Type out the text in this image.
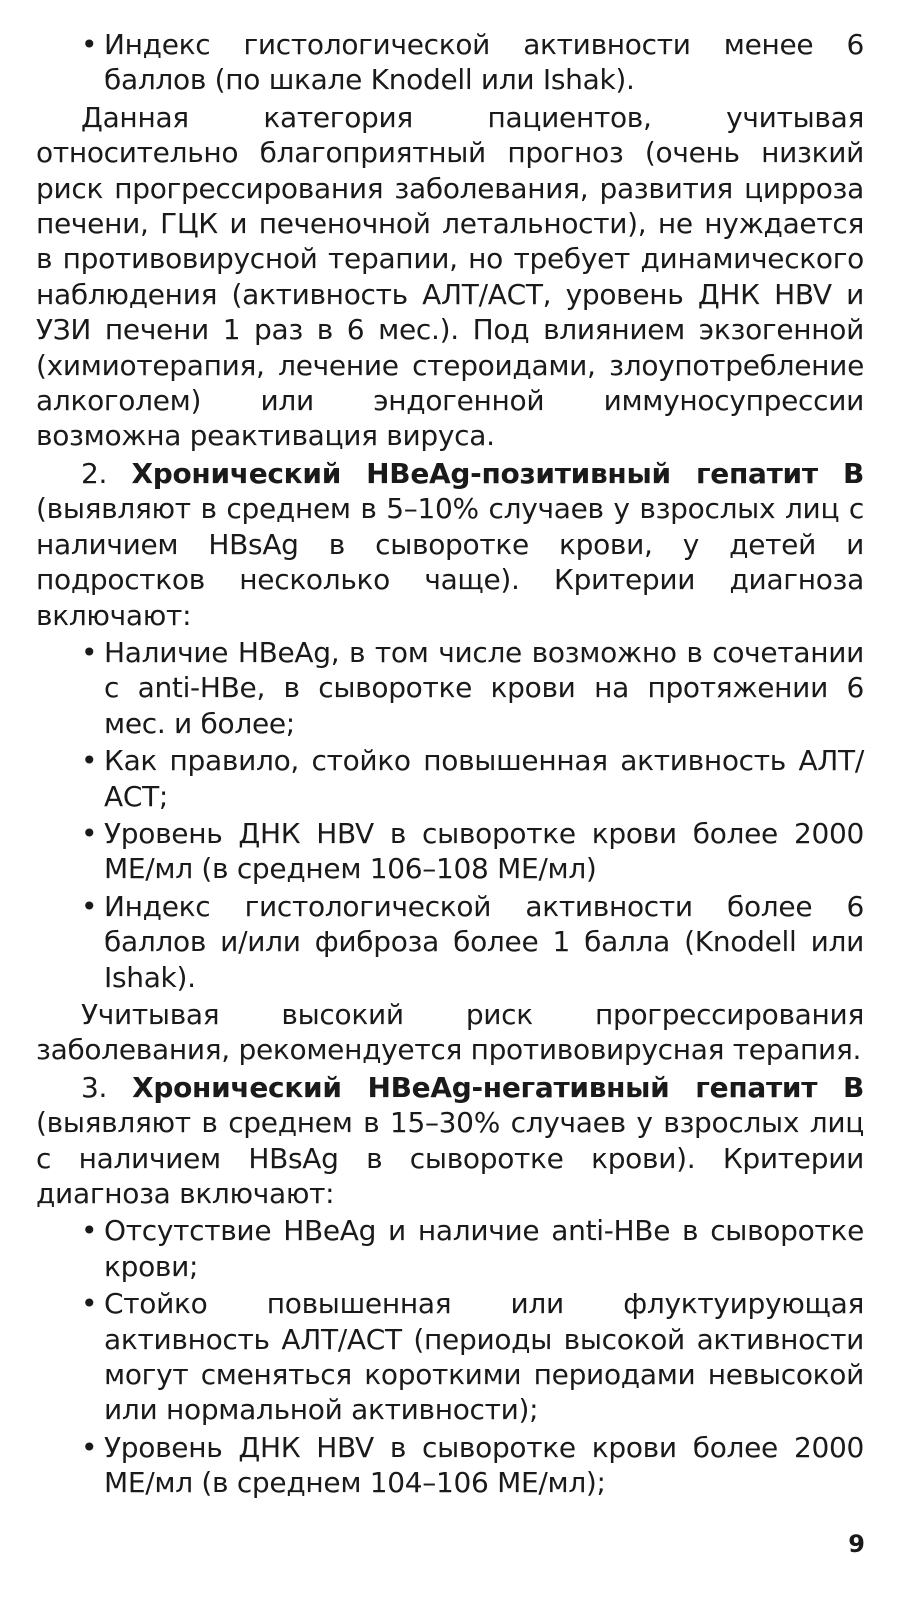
• Индекс гистологической активности менее 6 баллов (по шкале Knodell или Ishak).

Данная категория пациентов, учитывая относительно благоприятный прогноз (очень низкий риск прогрессирования заболевания, развития цирроза печени, ГЦК и печеночной летальности), не нуждается в противовирусной терапии, но требует динамического наблюдения (активность АЛТ/АСТ, уровень ДНК HBV и УЗИ печени 1 раз в 6 мес.). Под влиянием экзогенной (химиотерапия, лечение стероидами, злоупотребление алкоголем) или эндогенной иммуносупрессии возможна реактивация вируса.

2. Хронический HBeAg-позитивный гепатит B (выявляют в среднем в 5–10% случаев у взрослых лиц с наличием HBsAg в сыворотке крови, у детей и подростков несколько чаще). Критерии диагноза включают:

• Наличие HBeAg, в том числе возможно в сочетании с anti-HBe, в сыворотке крови на протяжении 6 мес. и более;

• Как правило, стойко повышенная активность АЛТ/АСТ;

• Уровень ДНК HBV в сыворотке крови более 2000 МЕ/мл (в среднем 106–108 МЕ/мл)

• Индекс гистологической активности более 6 баллов и/или фиброза более 1 балла (Knodell или Ishak).

Учитывая высокий риск прогрессирования заболевания, рекомендуется противовирусная терапия.

3. Хронический HBeAg-негативный гепатит B (выявляют в среднем в 15–30% случаев у взрослых лиц с наличием HBsAg в сыворотке крови). Критерии диагноза включают:

• Отсутствие HBeAg и наличие anti-HBe в сыворотке крови;

• Стойко повышенная или флуктуирующая активность АЛТ/АСТ (периоды высокой активности могут сменяться короткими периодами невысокой или нормальной активности);

• Уровень ДНК HBV в сыворотке крови более 2000 МЕ/мл (в среднем 104–106 МЕ/мл);

9
